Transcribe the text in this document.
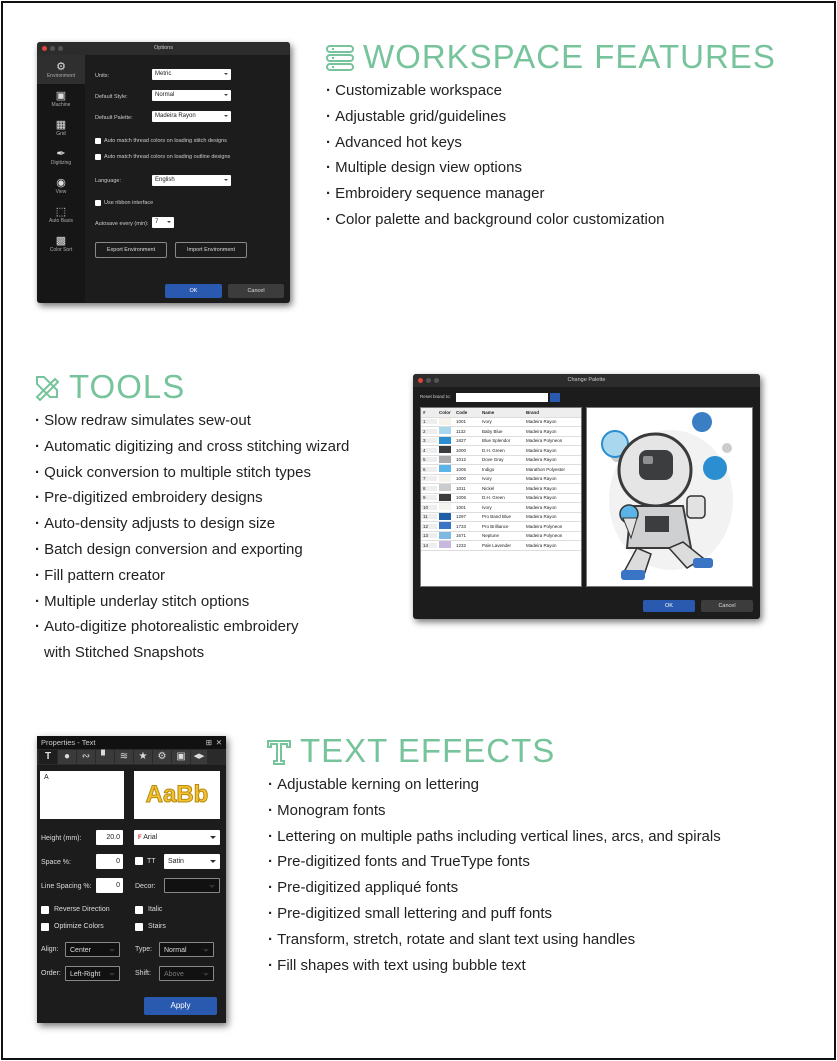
WORKSPACE FEATURES
· Customizable workspace
· Adjustable grid/guidelines
· Advanced hot keys
· Multiple design view options
· Embroidery sequence manager
· Color palette and background color customization
Options
⚙
Environment
▣
Machine
▦
Grid
✒
Digitizing
◉
View
⬚
Auto Basis
▩
Color Sort
Units:	Metric
Default Style:	Normal
Default Palette:	Madeira Rayon
Auto match thread colors on loading stitch designs
Auto match thread colors on loading outline designs
Language:	English
Use ribbon interface
Autosave every (min):	7
Export Environment	Import Environment
OK	Cancel
TOOLS
· Slow redraw simulates sew-out
· Automatic digitizing and cross stitching wizard
· Quick conversion to multiple stitch types
· Pre-digitized embroidery designs
· Auto-density adjusts to design size
· Batch design conversion and exporting
· Fill pattern creator
· Multiple underlay stitch options
· Auto-digitize photorealistic embroidery
with Stitched Snapshots
Change Palette
Reset brand to:
#	Color	Code	Name	Brand
1	1001	Ivory	Madeira Rayon
2	1132	Baby Blue	Madeira Rayon
3	1827	Blue Splendor	Madeira Polyneon
4	1000	D.H. Green	Madeira Rayon
5	1012	Dove Gray	Madeira Rayon
6	1005	Indigo	Marathon Polyester
7	1000	Ivory	Madeira Rayon
8	1011	Nickel	Madeira Rayon
9	1006	D.H. Green	Madeira Rayon
10	1001	Ivory	Madeira Rayon
11	1297	Pro Band Blue	Madeira Rayon
12	1733	Pro Brilliance	Madeira Polyneon
13	1671	Neptune	Madeira Polyneon
14	1232	Pale Lavender	Madeira Rayon
OK	Cancel
TEXT EFFECTS
· Adjustable kerning on lettering
· Monogram fonts
· Lettering on multiple paths including vertical lines, arcs, and spirals
· Pre-digitized fonts and TrueType fonts
· Pre-digitized appliqué fonts
· Pre-digitized small lettering and puff fonts
· Transform, stretch, rotate and slant text using handles
· Fill shapes with text using bubble text
Properties - Text	⊞ ✕
T	●	∾	▘	≋	★	⚙ ▣	◀▶
A
AaBb
Height (mm):	20.0	F Arial
Space %:	0	TT	Satin
Line Spacing %:	0	Decor:
Reverse Direction	Italic
Optimize Colors	Stairs
Align:	Center	Type:	Normal
Order:	Left-Right	Shift:	Above
Apply
